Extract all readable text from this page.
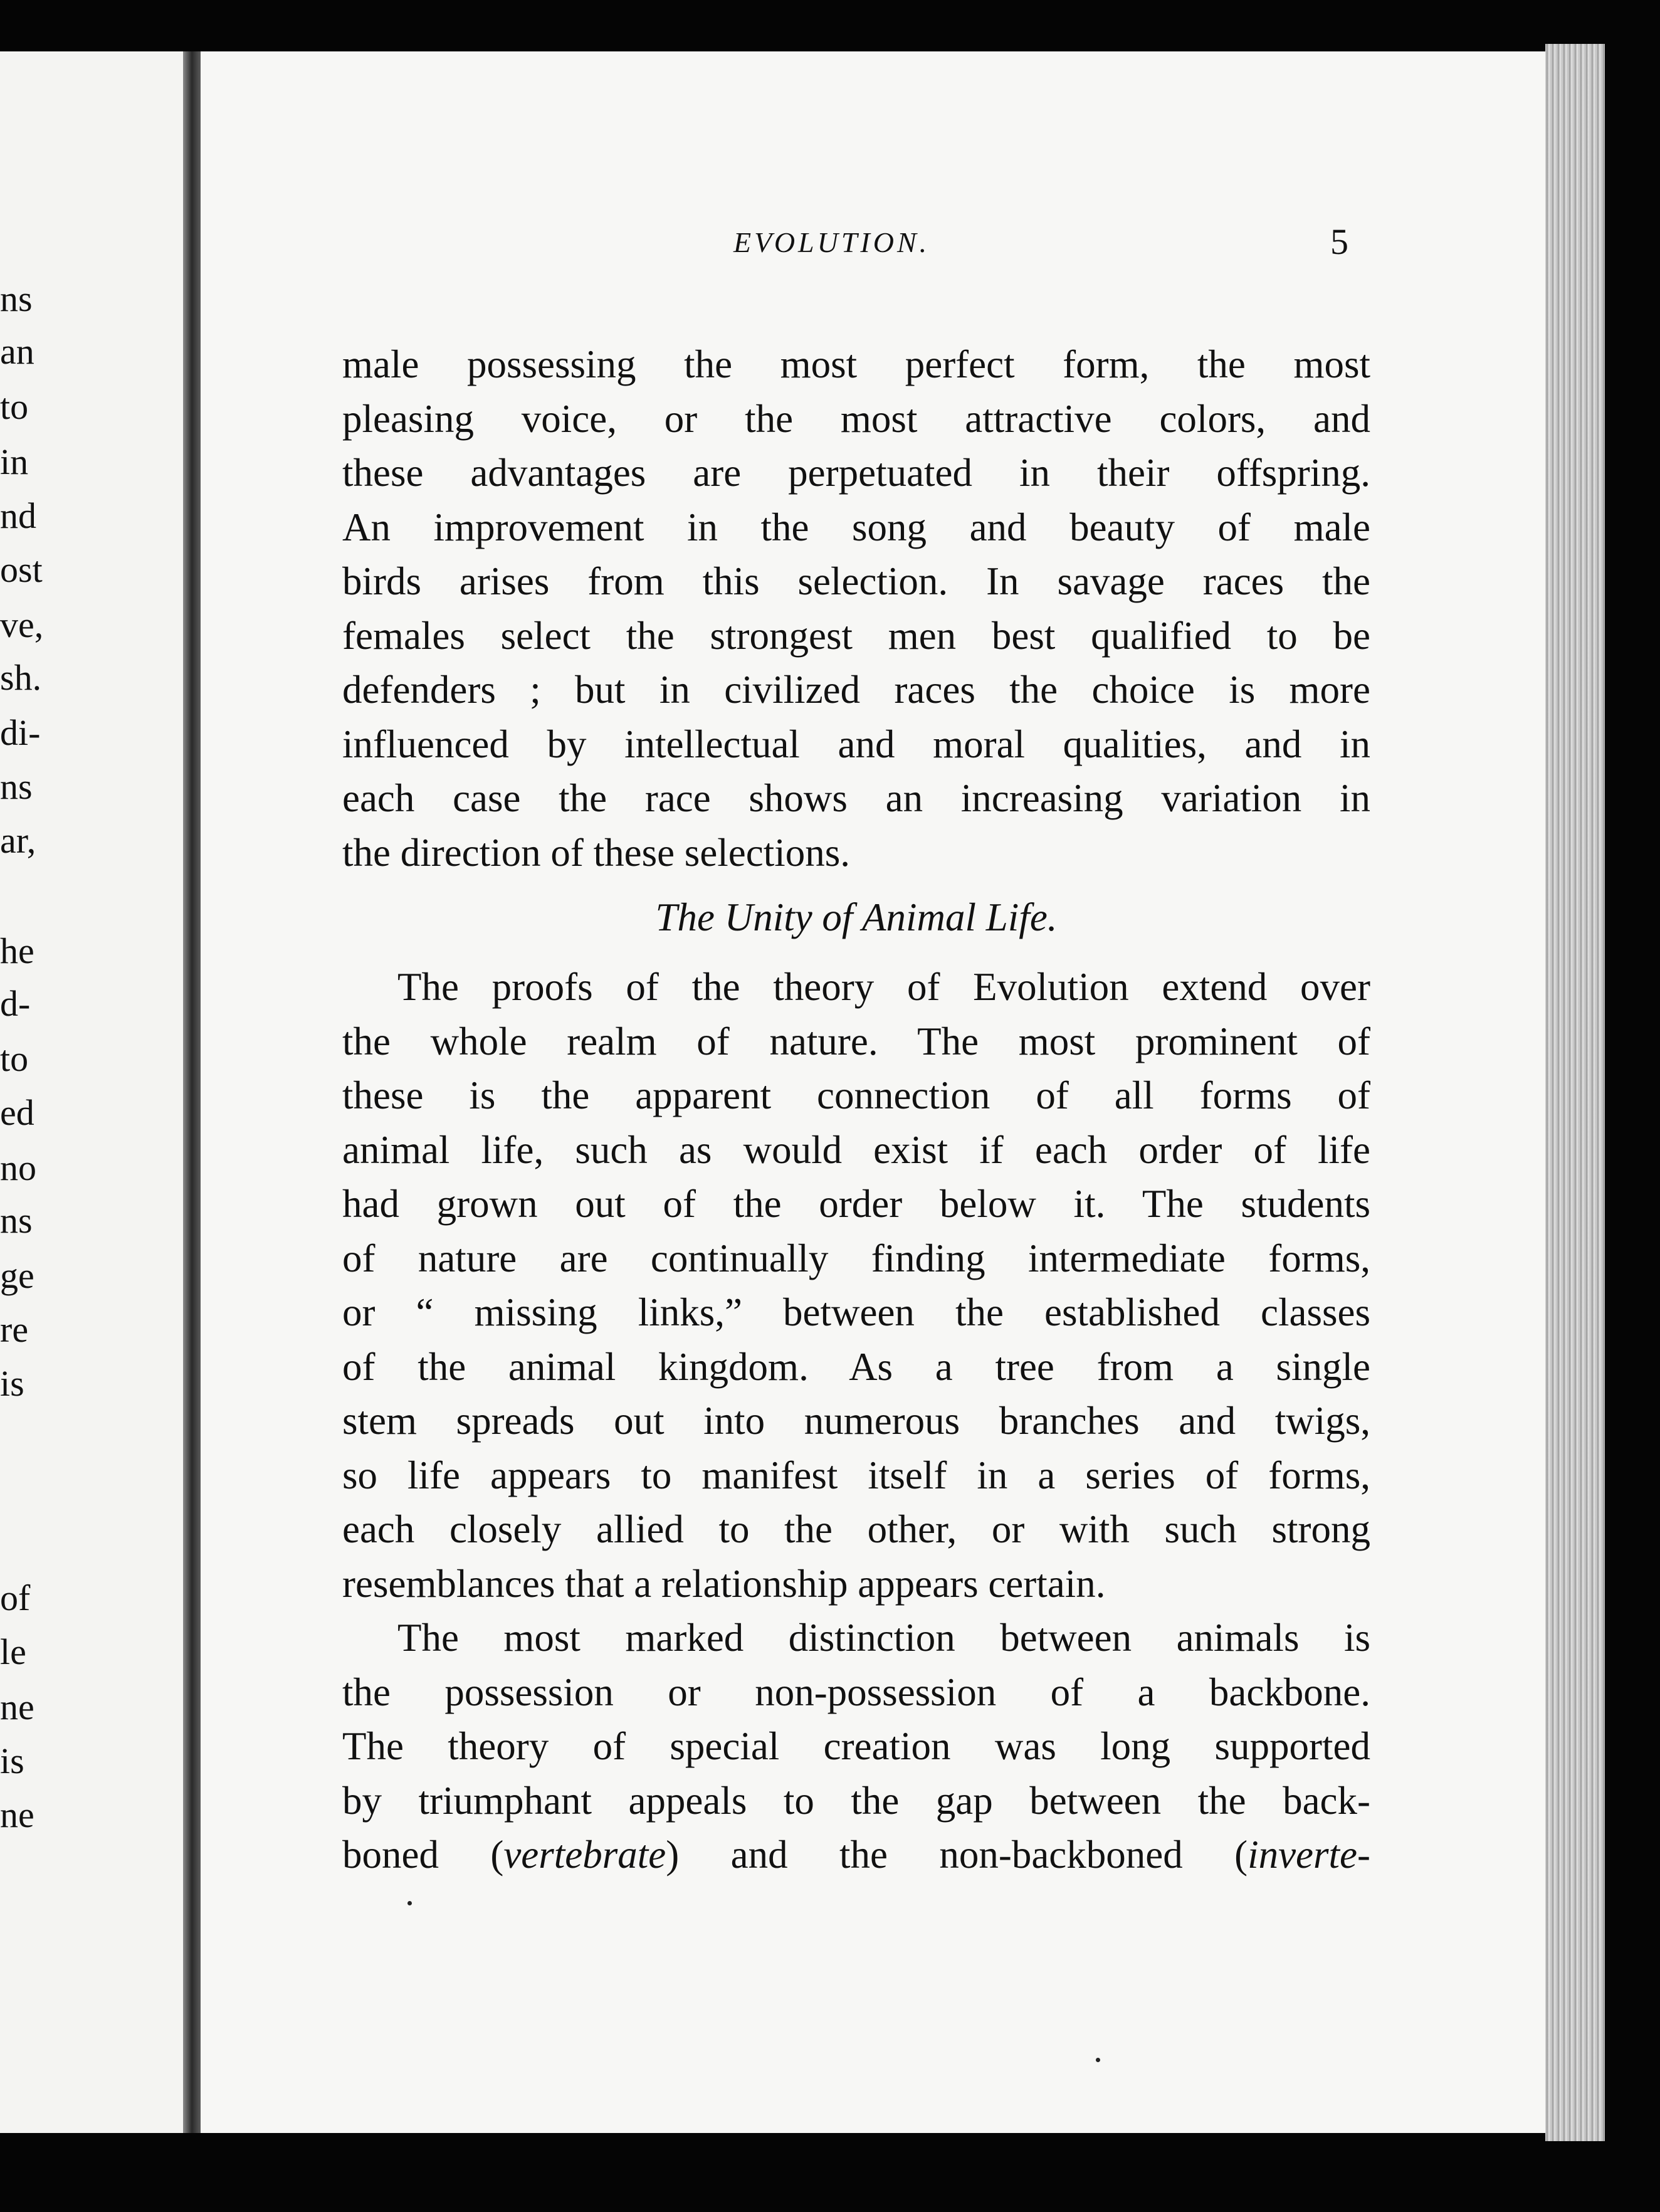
ns
an
to
in
nd
ost
ve,
sh.
di-
ns
ar,
he
d-
to
ed
no
ns
ge
re
is
of
le
ne
is
ne
EVOLUTION.	5
male possessing the most perfect form, the most
pleasing voice, or the most attractive colors, and
these advantages are perpetuated in their offspring.
An improvement in the song and beauty of male
birds arises from this selection. In savage races the
females select the strongest men best qualified to be
defenders ; but in civilized races the choice is more
influenced by intellectual and moral qualities, and in
each case the race shows an increasing variation in
the direction of these selections.
The Unity of Animal Life.
The proofs of the theory of Evolution extend over
the whole realm of nature. The most prominent of
these is the apparent connection of all forms of
animal life, such as would exist if each order of life
had grown out of the order below it. The students
of nature are continually finding intermediate forms,
or “ missing links,” between the established classes
of the animal kingdom. As a tree from a single
stem spreads out into numerous branches and twigs,
so life appears to manifest itself in a series of forms,
each closely allied to the other, or with such strong
resemblances that a relationship appears certain.
The most marked distinction between animals is
the possession or non-possession of a backbone.
The theory of special creation was long supported
by triumphant appeals to the gap between the back-
boned (vertebrate) and the non-backboned (inverte-
